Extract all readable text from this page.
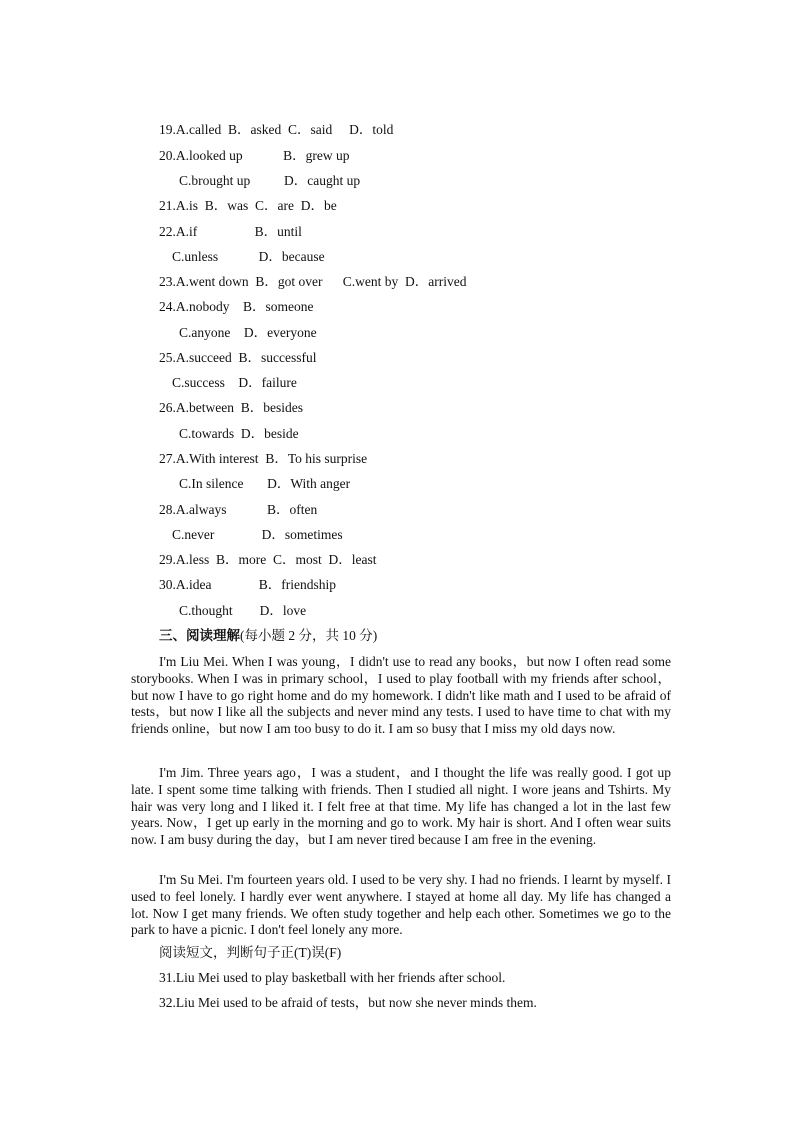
19.A.called  B．asked  C．said     D．told
20.A.looked up            B．grew up
C.brought up          D．caught up
21.A.is  B．was  C．are  D．be
22.A.if                 B．until
C.unless            D．because
23.A.went down  B．got over      C.went by  D．arrived
24.A.nobody    B．someone
C.anyone    D．everyone
25.A.succeed  B．successful
C.success    D．failure
26.A.between  B．besides
C.towards  D．beside
27.A.With interest  B．To his surprise
C.In silence       D．With anger
28.A.always            B．often
C.never              D．sometimes
29.A.less  B．more  C．most  D．least
30.A.idea              B．friendship
C.thought        D．love
三、阅读理解(每小题 2 分，共 10 分)
I'm Liu Mei. When I was young，I didn't use to read any books，but now I often read some storybooks. When I was in primary school，I used to play football with my friends after school，but now I have to go right home and do my homework. I didn't like math and I used to be afraid of tests，but now I like all the subjects and never mind any tests. I used to have time to chat with my friends online，but now I am too busy to do it. I am so busy that I miss my old days now.
I'm Jim. Three years ago，I was a student，and I thought the life was really good. I got up late. I spent some time talking with friends. Then I studied all night. I wore jeans and Tshirts. My hair was very long and I liked it. I felt free at that time. My life has changed a lot in the last few years. Now，I get up early in the morning and go to work. My hair is short. And I often wear suits now. I am busy during the day，but I am never tired because I am free in the evening.
I'm Su Mei. I'm fourteen years old. I used to be very shy. I had no friends. I learnt by myself. I used to feel lonely. I hardly ever went anywhere. I stayed at home all day. My life has changed a lot. Now I get many friends. We often study together and help each other. Sometimes we go to the park to have a picnic. I don't feel lonely any more.
阅读短文，判断句子正(T)误(F)
31.Liu Mei used to play basketball with her friends after school.
32.Liu Mei used to be afraid of tests，but now she never minds them.
